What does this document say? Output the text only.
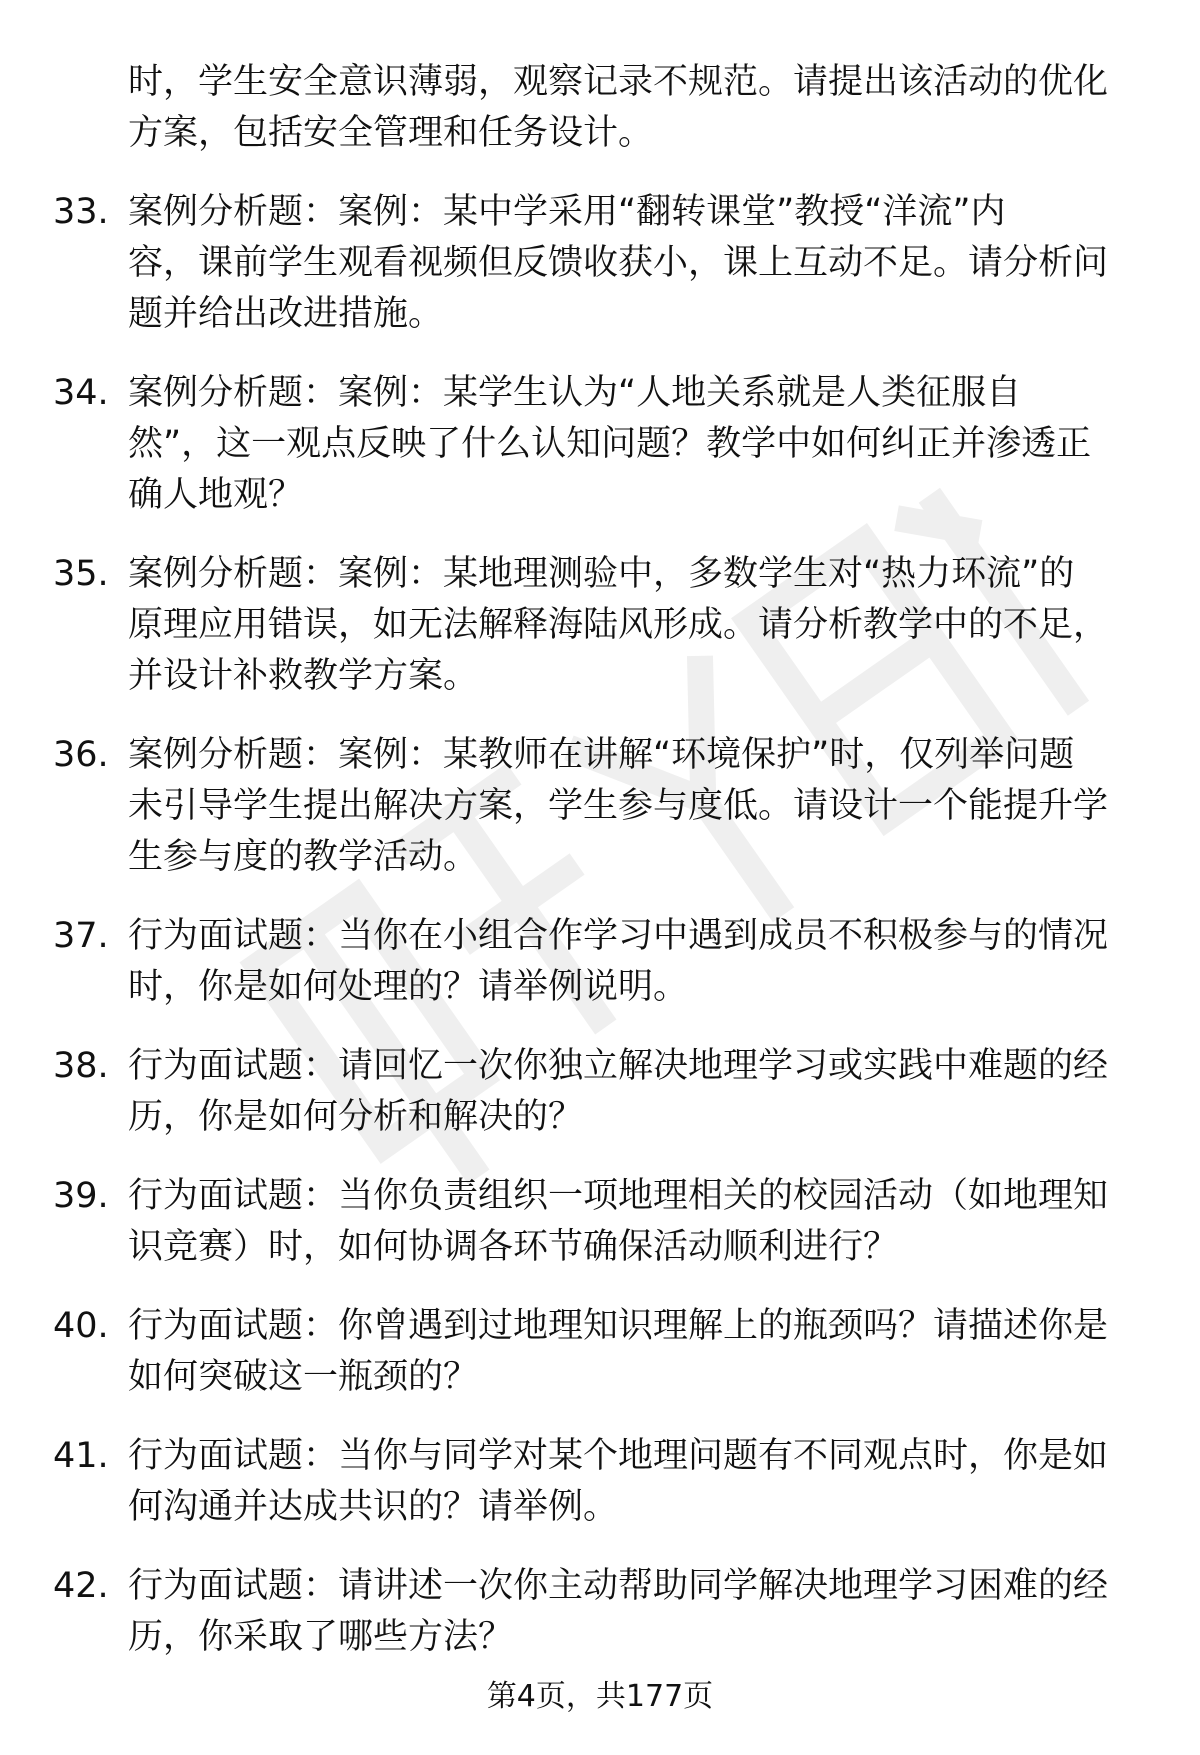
时，学生安全意识薄弱，观察记录不规范。请提出该活动的优化
方案，包括安全管理和任务设计。
33. 案例分析题：案例：某中学采用“翻转课堂”教授“洋流”内
容，课前学生观看视频但反馈收获小，课上互动不足。请分析问
题并给出改进措施。
34. 案例分析题：案例：某学生认为“人地关系就是人类征服自
然”，这一观点反映了什么认知问题？教学中如何纠正并渗透正
确人地观？
35. 案例分析题：案例：某地理测验中，多数学生对“热力环流”的
原理应用错误，如无法解释海陆风形成。请分析教学中的不足，
并设计补救教学方案。
36. 案例分析题：案例：某教师在讲解“环境保护”时，仅列举问题
未引导学生提出解决方案，学生参与度低。请设计一个能提升学
生参与度的教学活动。
37. 行为面试题：当你在小组合作学习中遇到成员不积极参与的情况
时，你是如何处理的？请举例说明。
38. 行为面试题：请回忆一次你独立解决地理学习或实践中难题的经
历，你是如何分析和解决的？
39. 行为面试题：当你负责组织一项地理相关的校园活动（如地理知
识竞赛）时，如何协调各环节确保活动顺利进行？
40. 行为面试题：你曾遇到过地理知识理解上的瓶颈吗？请描述你是
如何突破这一瓶颈的？
41. 行为面试题：当你与同学对某个地理问题有不同观点时，你是如
何沟通并达成共识的？请举例。
42. 行为面试题：请讲述一次你主动帮助同学解决地理学习困难的经
历，你采取了哪些方法？
第4页，共177页
